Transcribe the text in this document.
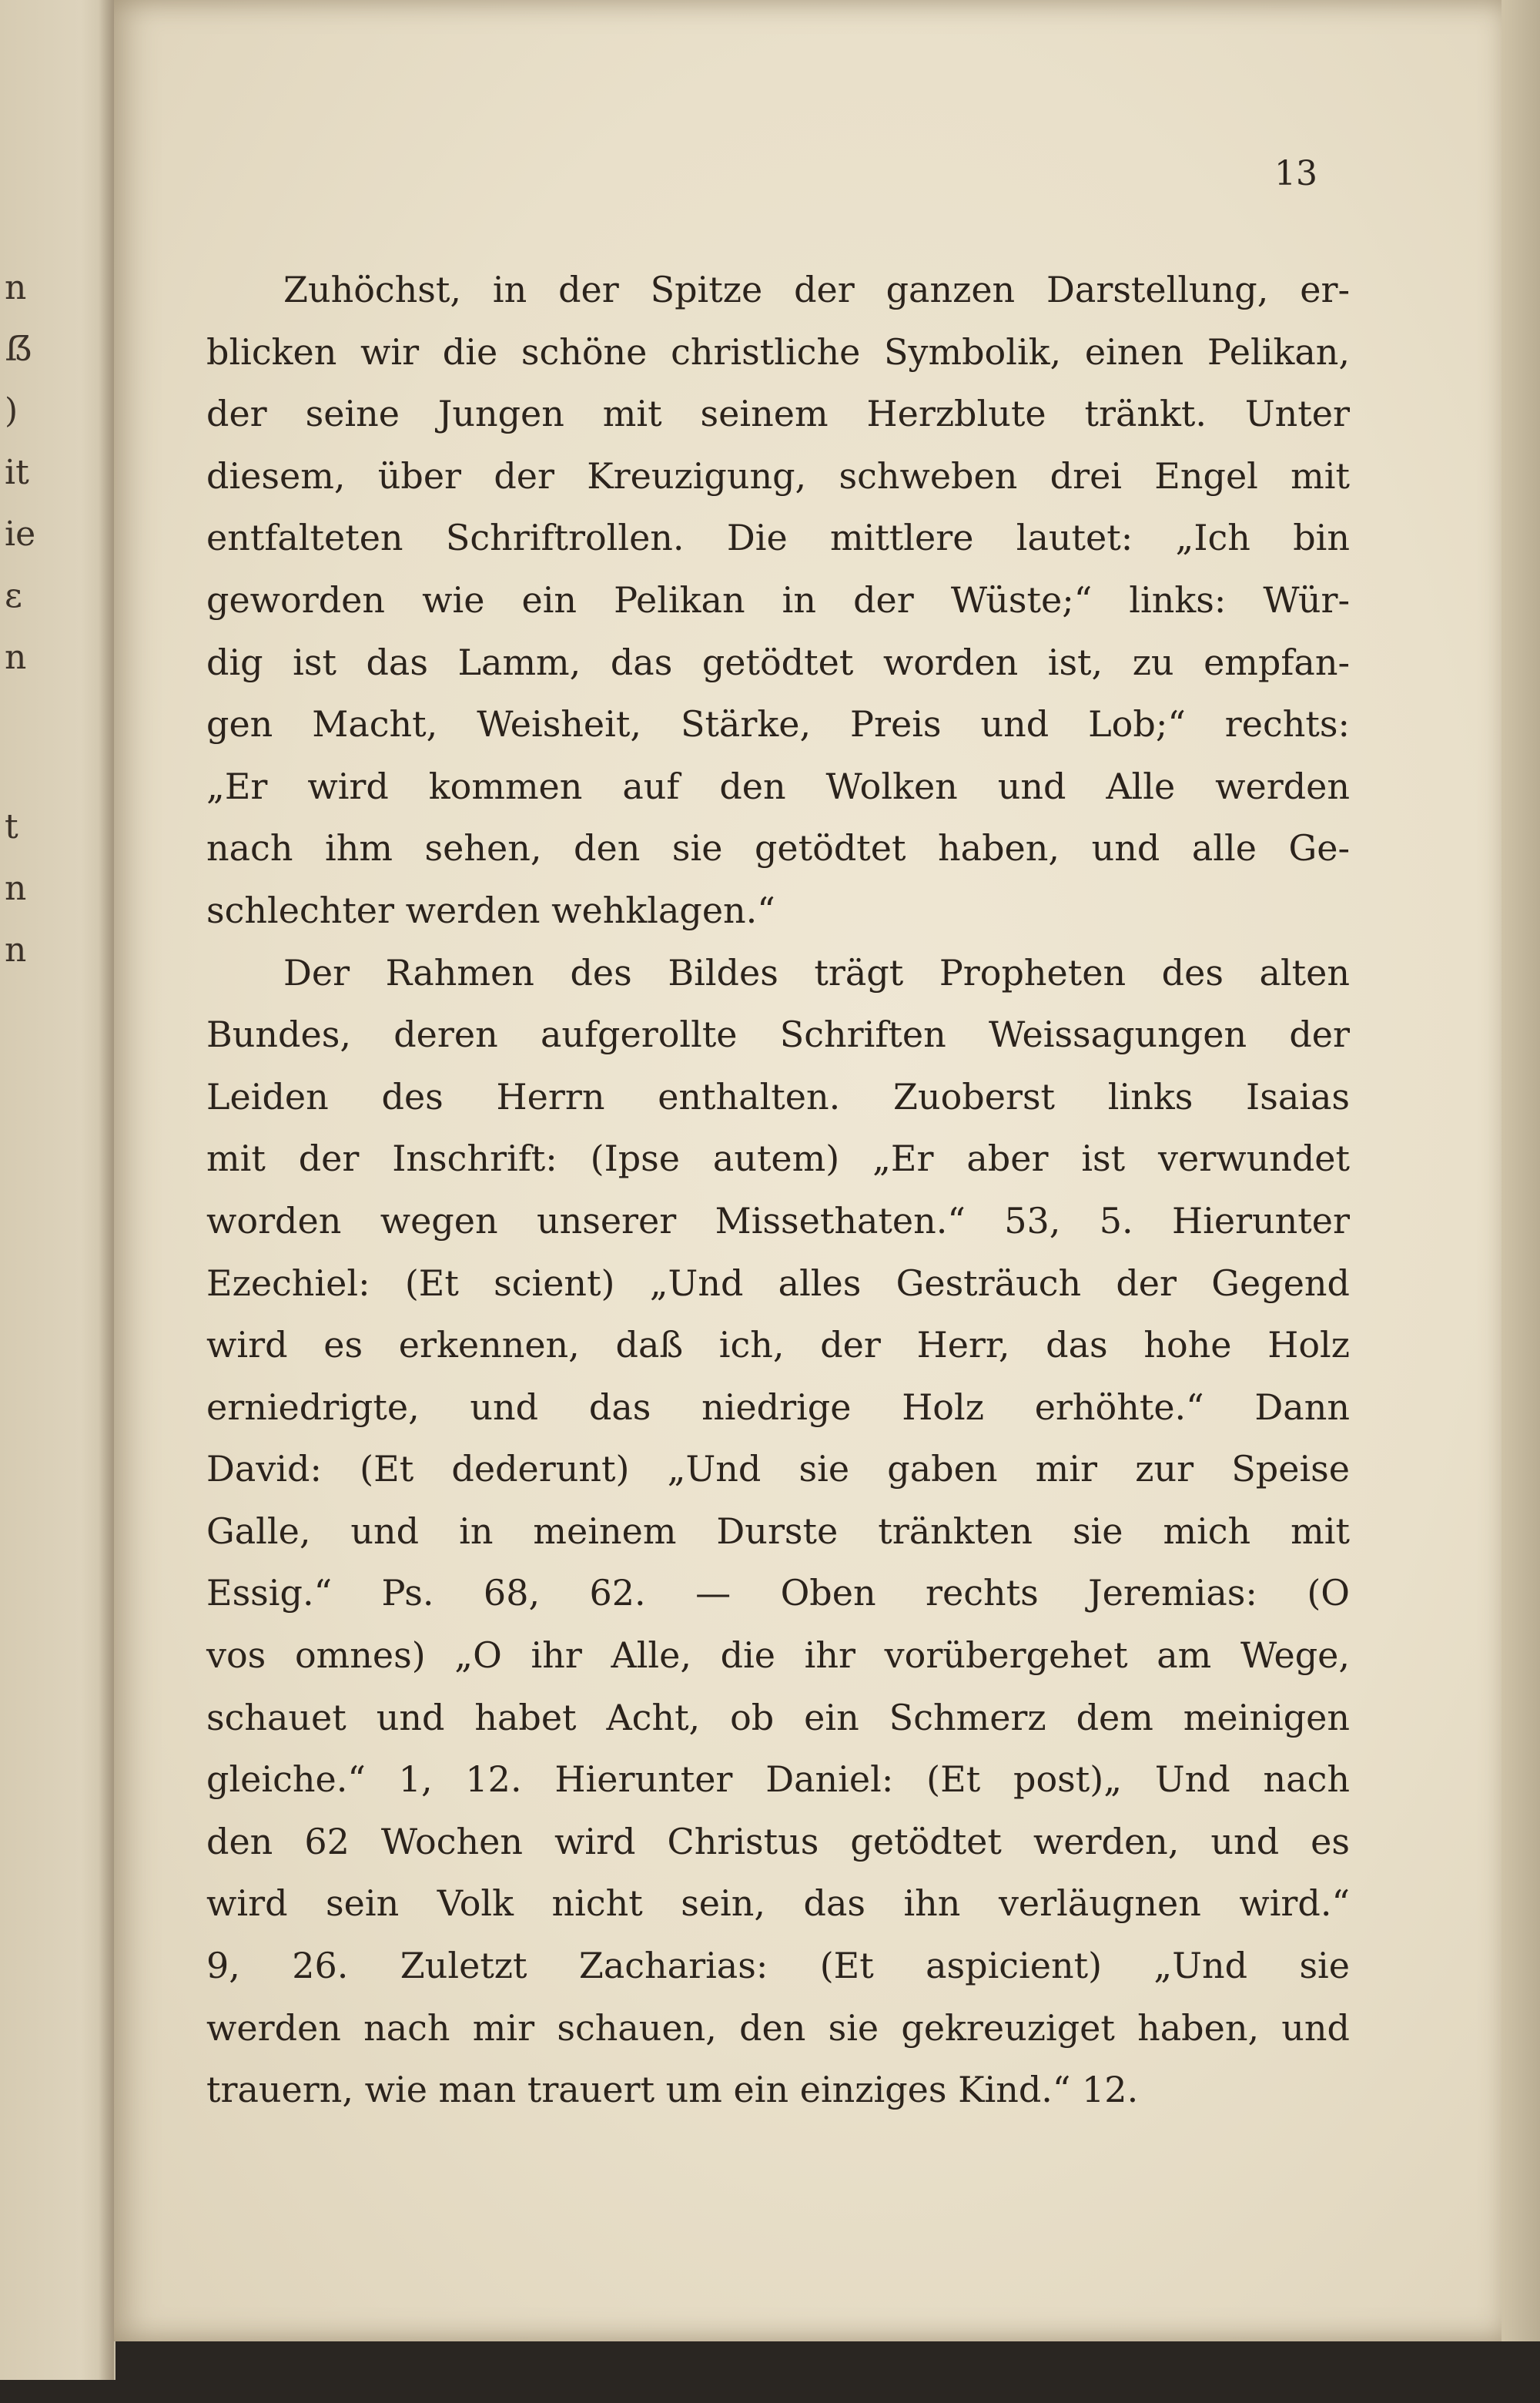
n
ẞ
)
it
ie
ɛ
n
t
n
n
13
Zuhöchst, in der Spitze der ganzen Darstellung, er-
blicken wir die schöne christliche Symbolik, einen Pelikan,
der seine Jungen mit seinem Herzblute tränkt. Unter
diesem, über der Kreuzigung, schweben drei Engel mit
entfalteten Schriftrollen. Die mittlere lautet: „Ich bin
geworden wie ein Pelikan in der Wüste;“ links: Wür-
dig ist das Lamm, das getödtet worden ist, zu empfan-
gen Macht, Weisheit, Stärke, Preis und Lob;“ rechts:
„Er wird kommen auf den Wolken und Alle werden
nach ihm sehen, den sie getödtet haben, und alle Ge-
schlechter werden wehklagen.“
Der Rahmen des Bildes trägt Propheten des alten
Bundes, deren aufgerollte Schriften Weissagungen der
Leiden des Herrn enthalten. Zuoberst links Isaias
mit der Inschrift: (Ipse autem) „Er aber ist verwundet
worden wegen unserer Missethaten.“ 53, 5. Hierunter
Ezechiel: (Et scient) „Und alles Gesträuch der Gegend
wird es erkennen, daß ich, der Herr, das hohe Holz
erniedrigte, und das niedrige Holz erhöhte.“ Dann
David: (Et dederunt) „Und sie gaben mir zur Speise
Galle, und in meinem Durste tränkten sie mich mit
Essig.“ Ps. 68, 62. — Oben rechts Jeremias: (O
vos omnes) „O ihr Alle, die ihr vorübergehet am Wege,
schauet und habet Acht, ob ein Schmerz dem meinigen
gleiche.“ 1, 12. Hierunter Daniel: (Et post)„ Und nach
den 62 Wochen wird Christus getödtet werden, und es
wird sein Volk nicht sein, das ihn verläugnen wird.“
9, 26. Zuletzt Zacharias: (Et aspicient) „Und sie
werden nach mir schauen, den sie gekreuziget haben, und
trauern, wie man trauert um ein einziges Kind.“ 12.
